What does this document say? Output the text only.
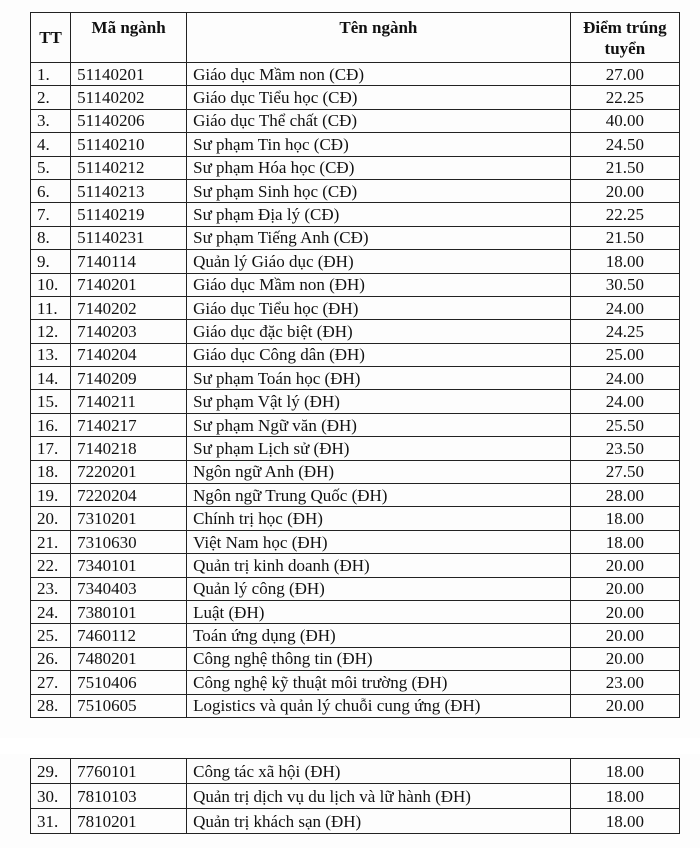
TT	Mã ngành	Tên ngành	Điểm trúng
tuyển

1.	51140201	Giáo dục Mầm non (CĐ)	27.00
2.	51140202	Giáo dục Tiểu học (CĐ)	22.25
3.	51140206	Giáo dục Thể chất (CĐ)	40.00
4.	51140210	Sư phạm Tin học (CĐ)	24.50
5.	51140212	Sư phạm Hóa học (CĐ)	21.50
6.	51140213	Sư phạm Sinh học (CĐ)	20.00
7.	51140219	Sư phạm Địa lý (CĐ)	22.25
8.	51140231	Sư phạm Tiếng Anh (CĐ)	21.50
9.	7140114	Quản lý Giáo dục (ĐH)	18.00
10.	7140201	Giáo dục Mầm non (ĐH)	30.50
11.	7140202	Giáo dục Tiểu học (ĐH)	24.00
12.	7140203	Giáo dục đặc biệt (ĐH)	24.25
13.	7140204	Giáo dục Công dân (ĐH)	25.00
14.	7140209	Sư phạm Toán học (ĐH)	24.00
15.	7140211	Sư phạm Vật lý (ĐH)	24.00
16.	7140217	Sư phạm Ngữ văn (ĐH)	25.50
17.	7140218	Sư phạm Lịch sử (ĐH)	23.50
18.	7220201	Ngôn ngữ Anh (ĐH)	27.50
19.	7220204	Ngôn ngữ Trung Quốc (ĐH)	28.00
20.	7310201	Chính trị học (ĐH)	18.00
21.	7310630	Việt Nam học (ĐH)	18.00
22.	7340101	Quản trị kinh doanh (ĐH)	20.00
23.	7340403	Quản lý công (ĐH)	20.00
24.	7380101	Luật (ĐH)	20.00
25.	7460112	Toán ứng dụng (ĐH)	20.00
26.	7480201	Công nghệ thông tin (ĐH)	20.00
27.	7510406	Công nghệ kỹ thuật môi trường (ĐH)	23.00
28.	7510605	Logistics và quản lý chuỗi cung ứng (ĐH)	20.00
29.	7760101	Công tác xã hội (ĐH)	18.00
30.	7810103	Quản trị dịch vụ du lịch và lữ hành (ĐH)	18.00
31.	7810201	Quản trị khách sạn (ĐH)	18.00
